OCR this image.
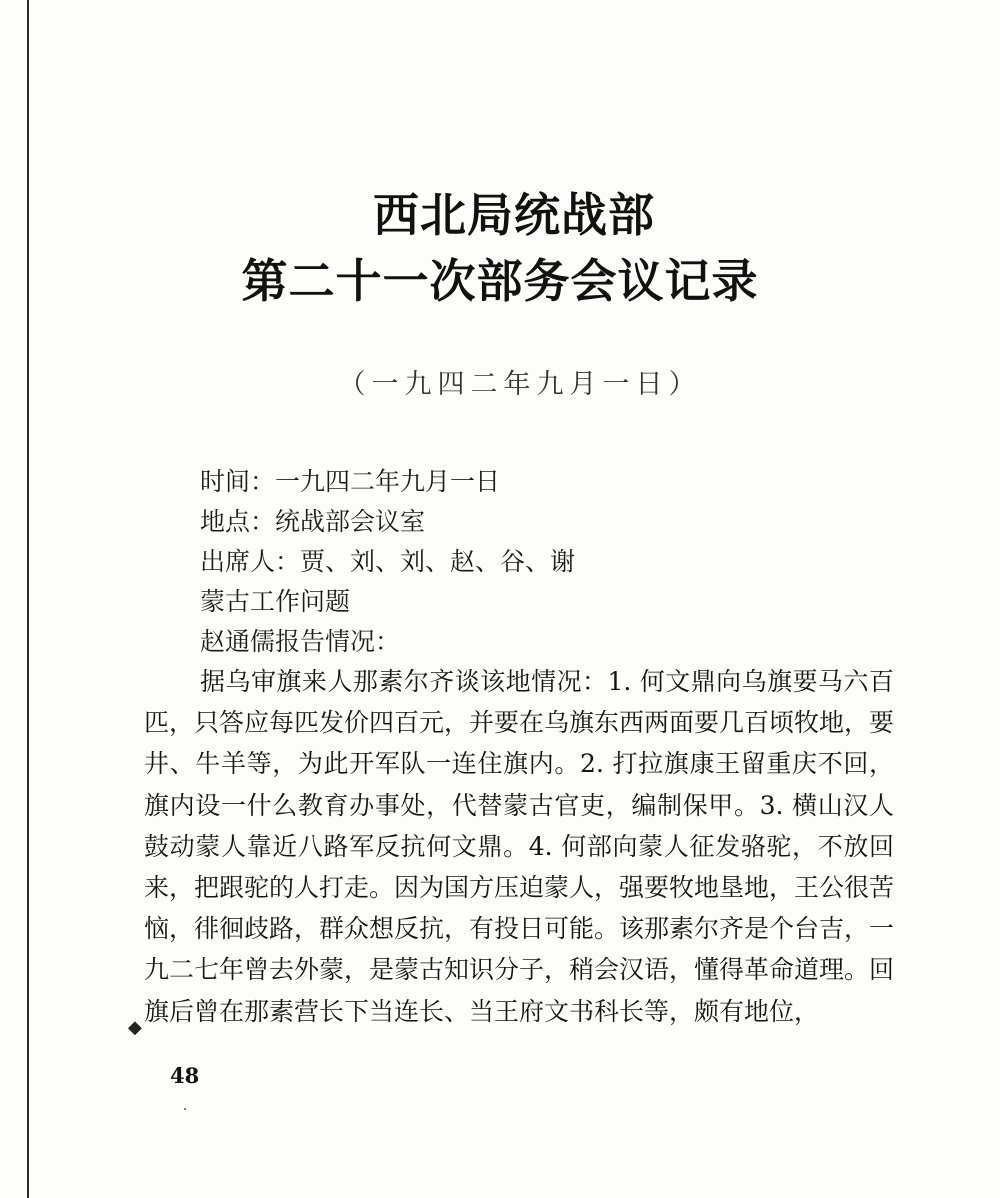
西北局统战部
第二十一次部务会议记录
（一九四二年九月一日）
时间：一九四二年九月一日
地点：统战部会议室
出席人：贾、刘、刘、赵、谷、谢
蒙古工作问题
赵通儒报告情况：

据乌审旗来人那素尔齐谈该地情况：1. 何文鼎向乌旗要马六百匹，只答应每匹发价四百元，并要在乌旗东西两面要几百顷牧地，要井、牛羊等，为此开军队一连住旗内。2. 打拉旗康王留重庆不回，旗内设一什么教育办事处，代替蒙古官吏，编制保甲。3. 横山汉人鼓动蒙人靠近八路军反抗何文鼎。4. 何部向蒙人征发骆驼，不放回来，把跟驼的人打走。因为国方压迫蒙人，强要牧地垦地，王公很苦恼，徘徊歧路，群众想反抗，有投日可能。该那素尔齐是个台吉，一九二七年曾去外蒙，是蒙古知识分子，稍会汉语，懂得革命道理。回旗后曾在那素营长下当连长、当王府文书科长等，颇有地位，

◆
48
